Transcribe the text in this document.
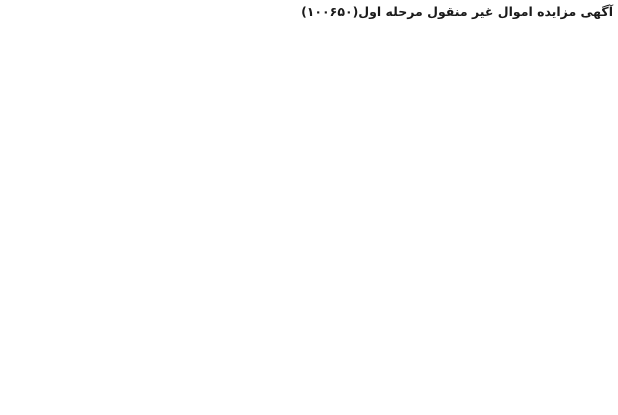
آگهی مزایده اموال غیر منقول مرحله اول(۱۰۰۶۵۰)
